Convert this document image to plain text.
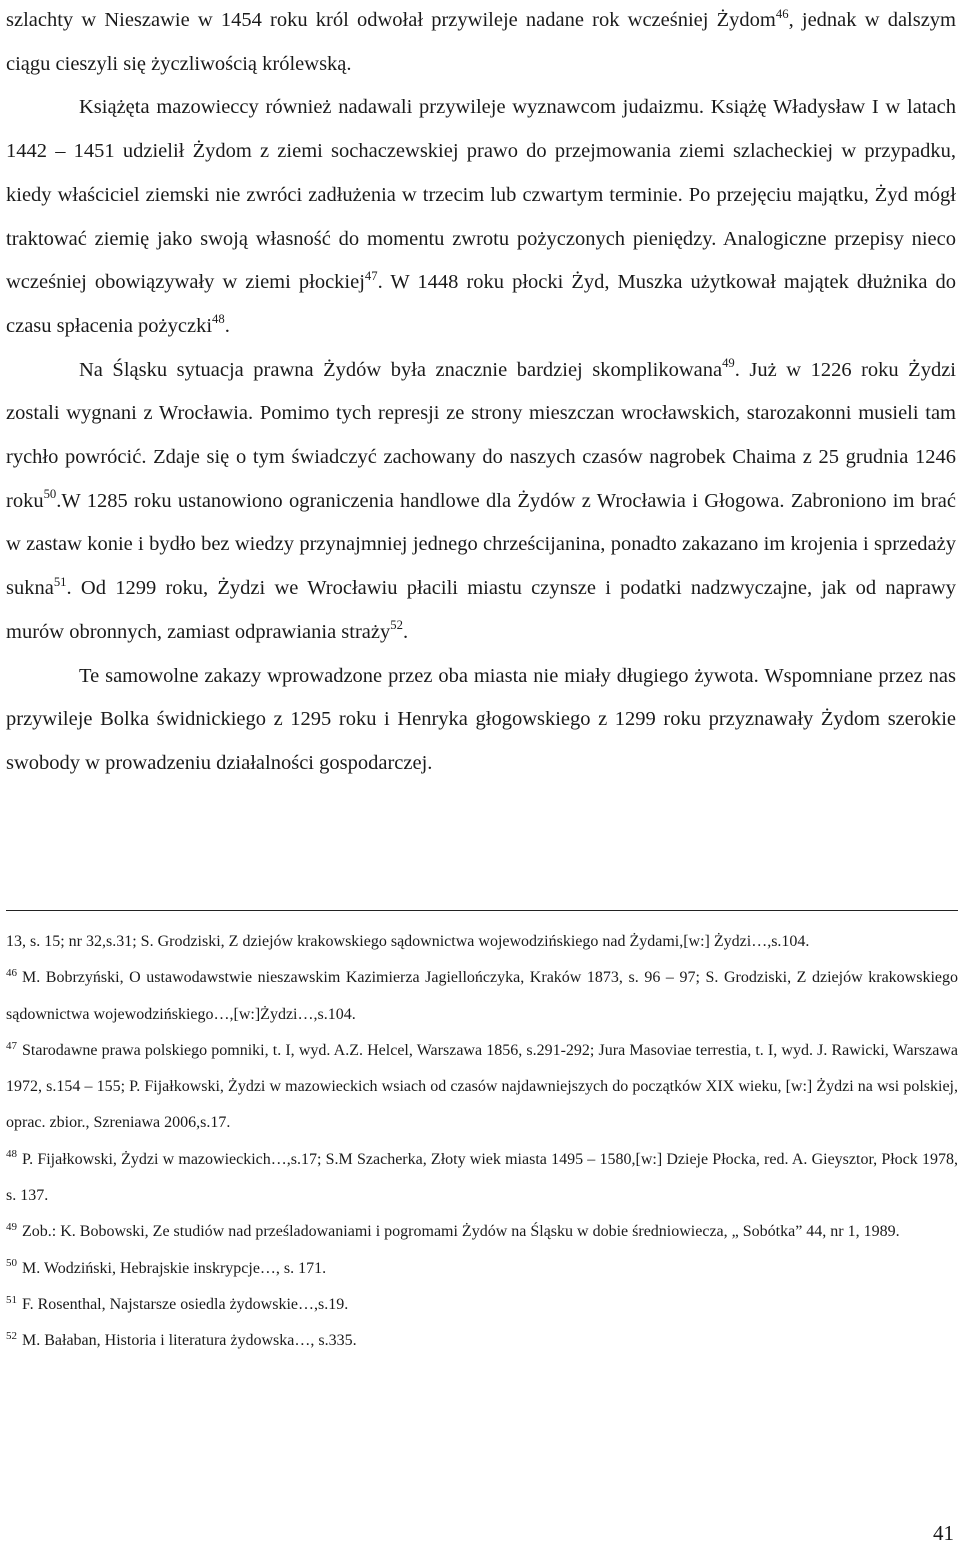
szlachty w Nieszawie w 1454 roku król odwołał przywileje nadane rok wcześniej Żydom$^{46}$, jednak w dalszym ciągu cieszyli się życzliwością królewską.

Książęta mazowieccy również nadawali przywileje wyznawcom judaizmu. Książę Władysław I w latach 1442 – 1451 udzielił Żydom z ziemi sochaczewskiej prawo do przejmowania ziemi szlacheckiej w przypadku, kiedy właściciel ziemski nie zwróci zadłużenia w trzecim lub czwartym terminie. Po przejęciu majątku, Żyd mógł traktować ziemię jako swoją własność do momentu zwrotu pożyczonych pieniędzy. Analogiczne przepisy nieco wcześniej obowiązywały w ziemi płockiej$^{47}$. W 1448 roku płocki Żyd, Muszka użytkował majątek dłużnika do czasu spłacenia pożyczki$^{48}$.

Na Śląsku sytuacja prawna Żydów była znacznie bardziej skomplikowana$^{49}$. Już w 1226 roku Żydzi zostali wygnani z Wrocławia. Pomimo tych represji ze strony mieszczan wrocławskich, starozakonni musieli tam rychło powrócić. Zdaje się o tym świadczyć zachowany do naszych czasów nagrobek Chaima z 25 grudnia 1246 roku$^{50}$.W 1285 roku ustanowiono ograniczenia handlowe dla Żydów z Wrocławia i Głogowa. Zabroniono im brać w zastaw konie i bydło bez wiedzy przynajmniej jednego chrześcijanina, ponadto zakazano im krojenia i sprzedaży sukna$^{51}$. Od 1299 roku, Żydzi we Wrocławiu płacili miastu czynsze i podatki nadzwyczajne, jak od naprawy murów obronnych, zamiast odprawiania straży$^{52}$.

Te samowolne zakazy wprowadzone przez oba miasta nie miały długiego żywota. Wspomniane przez nas przywileje Bolka świdnickiego z 1295 roku i Henryka głogowskiego z 1299 roku przyznawały Żydom szerokie swobody w prowadzeniu działalności gospodarczej.

13, s. 15; nr 32,s.31; S. Grodziski, Z dziejów krakowskiego sądownictwa wojewodzińskiego nad Żydami,[w:] Żydzi…,s.104.

$^{46}$ M. Bobrzyński, O ustawodawstwie nieszawskim Kazimierza Jagiellończyka, Kraków 1873, s. 96 – 97; S. Grodziski, Z dziejów krakowskiego sądownictwa wojewodzińskiego…,[w:]Żydzi…,s.104.

$^{47}$ Starodawne prawa polskiego pomniki, t. I, wyd. A.Z. Helcel, Warszawa 1856, s.291-292; Jura Masoviae terrestia, t. I, wyd. J. Rawicki, Warszawa 1972, s.154 – 155; P. Fijałkowski, Żydzi w mazowieckich wsiach od czasów najdawniejszych do początków XIX wieku, [w:] Żydzi na wsi polskiej, oprac. zbior., Szreniawa 2006,s.17.

$^{48}$ P. Fijałkowski, Żydzi w mazowieckich…,s.17; S.M Szacherka, Złoty wiek miasta 1495 – 1580,[w:] Dzieje Płocka, red. A. Gieysztor, Płock 1978, s. 137.

$^{49}$ Zob.: K. Bobowski, Ze studiów nad prześladowaniami i pogromami Żydów na Śląsku w dobie średniowiecza, „ Sobótka” 44, nr 1, 1989.

$^{50}$ M. Wodziński, Hebrajskie inskrypcje…, s. 171.

$^{51}$ F. Rosenthal, Najstarsze osiedla żydowskie…,s.19.

$^{52}$ M. Bałaban, Historia i literatura żydowska…, s.335.

41
